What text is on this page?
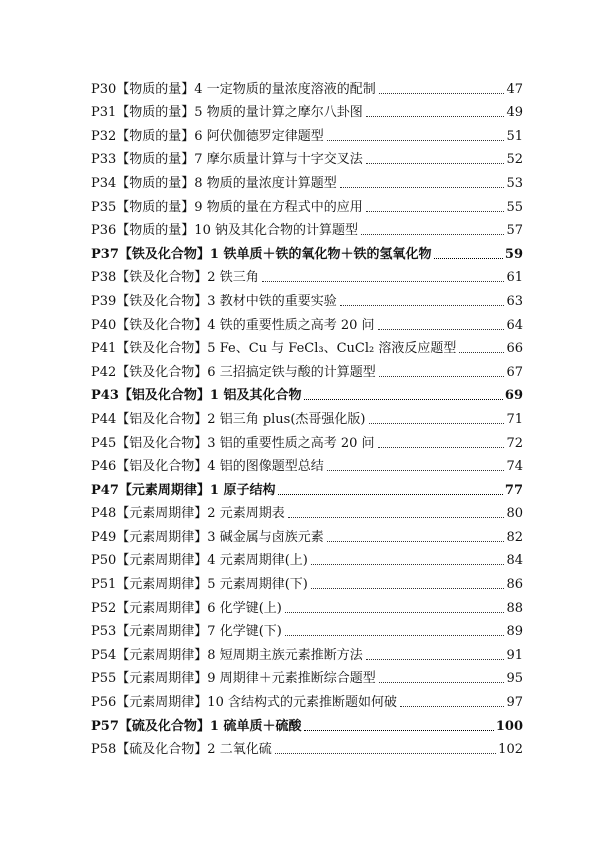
P30 【物质的量】4 一定物质的量浓度溶液的配制	47
P31 【物质的量】5 物质的量计算之摩尔八卦图	49
P32 【物质的量】6 阿伏伽德罗定律题型	51
P33 【物质的量】7 摩尔质量计算与十字交叉法	52
P34 【物质的量】8 物质的量浓度计算题型	53
P35 【物质的量】9 物质的量在方程式中的应用	55
P36 【物质的量】10 钠及其化合物的计算题型	57
P37 【铁及化合物】1 铁单质＋铁的氧化物＋铁的氢氧化物	59
P38 【铁及化合物】2 铁三角	61
P39 【铁及化合物】3 教材中铁的重要实验	63
P40 【铁及化合物】4 铁的重要性质之高考 20 问	64
P41 【铁及化合物】5 Fe、Cu 与 FeCl₃、CuCl₂ 溶液反应题型	66
P42 【铁及化合物】6 三招搞定铁与酸的计算题型	67
P43 【铝及化合物】1 铝及其化合物	69
P44 【铝及化合物】2 铝三角 plus(杰哥强化版)	71
P45 【铝及化合物】3 铝的重要性质之高考 20 问	72
P46 【铝及化合物】4 铝的图像题型总结	74
P47 【元素周期律】1 原子结构	77
P48 【元素周期律】2 元素周期表	80
P49 【元素周期律】3 碱金属与卤族元素	82
P50 【元素周期律】4 元素周期律(上)	84
P51 【元素周期律】5 元素周期律(下)	86
P52 【元素周期律】6 化学键(上)	88
P53 【元素周期律】7 化学键(下)	89
P54 【元素周期律】8 短周期主族元素推断方法	91
P55 【元素周期律】9 周期律＋元素推断综合题型	95
P56 【元素周期律】10 含结构式的元素推断题如何破	97
P57 【硫及化合物】1 硫单质＋硫酸	100
P58 【硫及化合物】2 二氧化硫	102
